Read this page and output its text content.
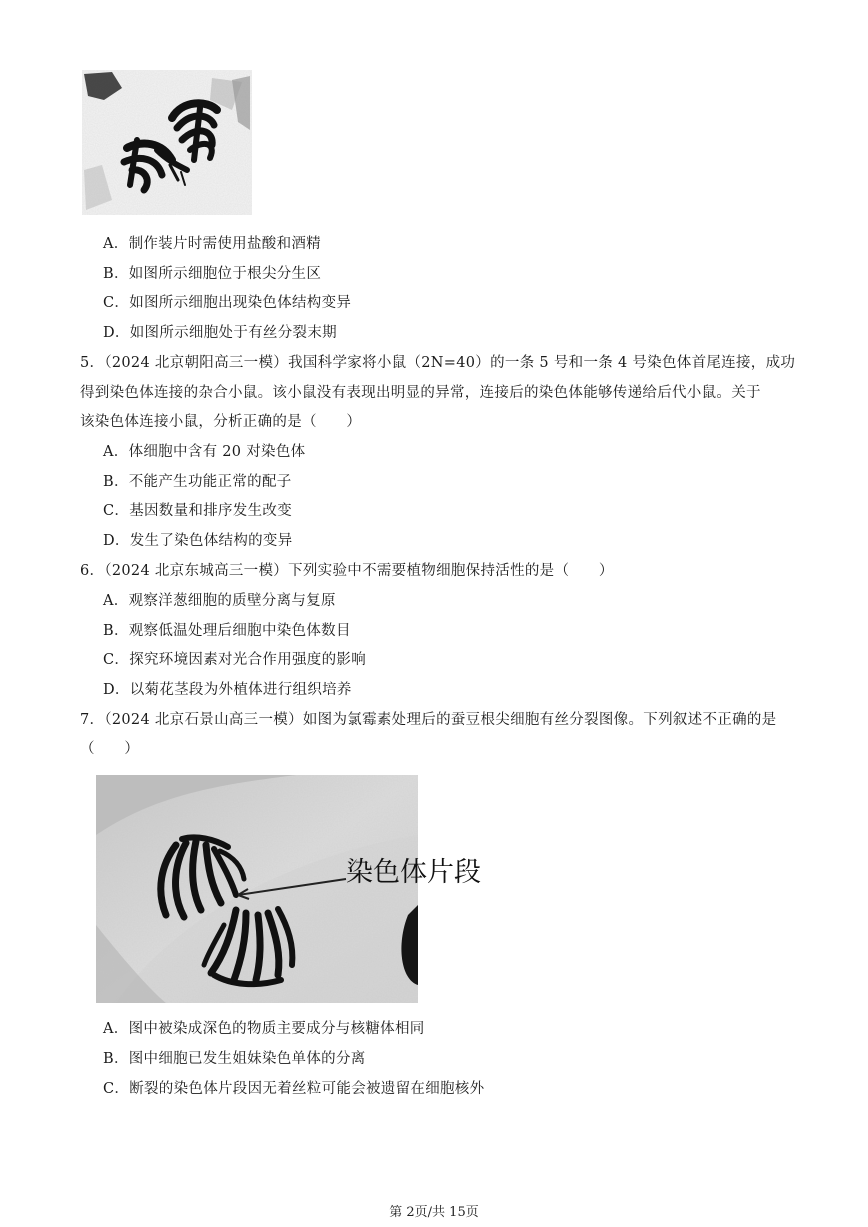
A．制作装片时需使用盐酸和酒精
B．如图所示细胞位于根尖分生区
C．如图所示细胞出现染色体结构变异
D．如图所示细胞处于有丝分裂末期
5．（2024 北京朝阳高三一模）我国科学家将小鼠（2N=40）的一条 5 号和一条 4 号染色体首尾连接，成功
得到染色体连接的杂合小鼠。该小鼠没有表现出明显的异常，连接后的染色体能够传递给后代小鼠。关于
该染色体连接小鼠，分析正确的是（　　）
A．体细胞中含有 20 对染色体
B．不能产生功能正常的配子
C．基因数量和排序发生改变
D．发生了染色体结构的变异
6．（2024 北京东城高三一模）下列实验中不需要植物细胞保持活性的是（　　）
A．观察洋葱细胞的质壁分离与复原
B．观察低温处理后细胞中染色体数目
C．探究环境因素对光合作用强度的影响
D．以菊花茎段为外植体进行组织培养
7．（2024 北京石景山高三一模）如图为氯霉素处理后的蚕豆根尖细胞有丝分裂图像。下列叙述不正确的是
（　　）
染色体片段
A．图中被染成深色的物质主要成分与核糖体相同
B．图中细胞已发生姐妹染色单体的分离
C．断裂的染色体片段因无着丝粒可能会被遗留在细胞核外
第 2页/共 15页
